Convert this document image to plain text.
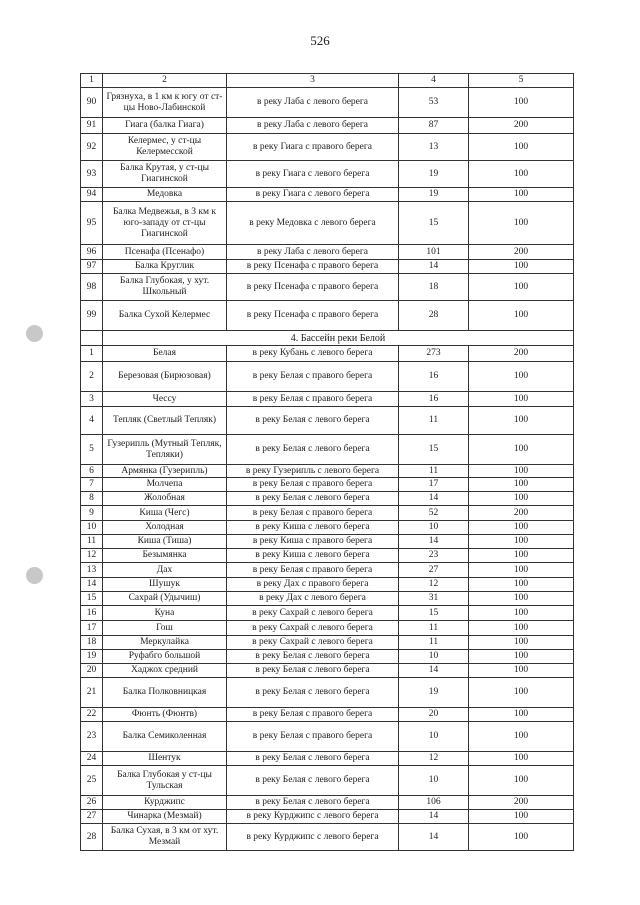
526
1	2	3	4	5
90	Грязнуха, в 1 км к югу от ст-цы Ново-Лабинской	в реку Лаба с левого берега	53	100
91	Гиага (балка Гиага)	в реку Лаба с левого берега	87	200
92	Келермес, у ст-цы Келермесской	в реку Гиага с правого берега	13	100
93	Балка Крутая, у ст-цы Гиагинской	в реку Гиага с левого берега	19	100
94	Медовка	в реку Гиага с левого берега	19	100
95	Балка Медвежья, в 3 км к юго-западу от ст-цы Гиагинской	в реку Медовка с левого берега	15	100
96	Псенафа (Псенафо)	в реку Лаба с левого берега	101	200
97	Балка Круглик	в реку Псенафа с правого берега	14	100
98	Балка Глубокая, у хут. Школьный	в реку Псенафа с правого берега	18	100
99	Балка Сухой Келермес	в реку Псенафа с правого берега	28	100
	4. Бассейн реки Белой			
1	Белая	в реку Кубань с левого берега	273	200
2	Березовая (Бирюзовая)	в реку Белая с правого берега	16	100
3	Чессу	в реку Белая с правого берега	16	100
4	Тепляк (Светлый Тепляк)	в реку Белая с левого берега	11	100
5	Гузерипль (Мутный Тепляк, Тепляки)	в реку Белая с левого берега	15	100
6	Армянка (Гузерипль)	в реку Гузерипль с левого берега	11	100
7	Молчепа	в реку Белая с правого берега	17	100
8	Жолобная	в реку Белая с левого берега	14	100
9	Киша (Чегс)	в реку Белая с правого берега	52	200
10	Холодная	в реку Киша с левого берега	10	100
11	Киша (Тиша)	в реку Киша с правого берега	14	100
12	Безымянка	в реку Киша с левого берега	23	100
13	Дах	в реку Белая с правого берега	27	100
14	Шушук	в реку Дах с правого берега	12	100
15	Сахрай (Удычиш)	в реку Дах с левого берега	31	100
16	Куна	в реку Сахрай с левого берега	15	100
17	Гош	в реку Сахрай с левого берега	11	100
18	Меркулайка	в реку Сахрай с левого берега	11	100
19	Руфабго большой	в реку Белая с левого берега	10	100
20	Хаджох средний	в реку Белая с левого берега	14	100
21	Балка Полковницкая	в реку Белая с левого берега	19	100
22	Фюнть (Фюнтв)	в реку Белая с правого берега	20	100
23	Балка Семиколенная	в реку Белая с правого берега	10	100
24	Шентук	в реку Белая с левого берега	12	100
25	Балка Глубокая у ст-цы Тульская	в реку Белая с левого берега	10	100
26	Курджипс	в реку Белая с левого берега	106	200
27	Чинарка (Мезмай)	в реку Курджипс с левого берега	14	100
28	Балка Сухая, в 3 км от хут. Мезмай	в реку Курджипс с левого берега	14	100
